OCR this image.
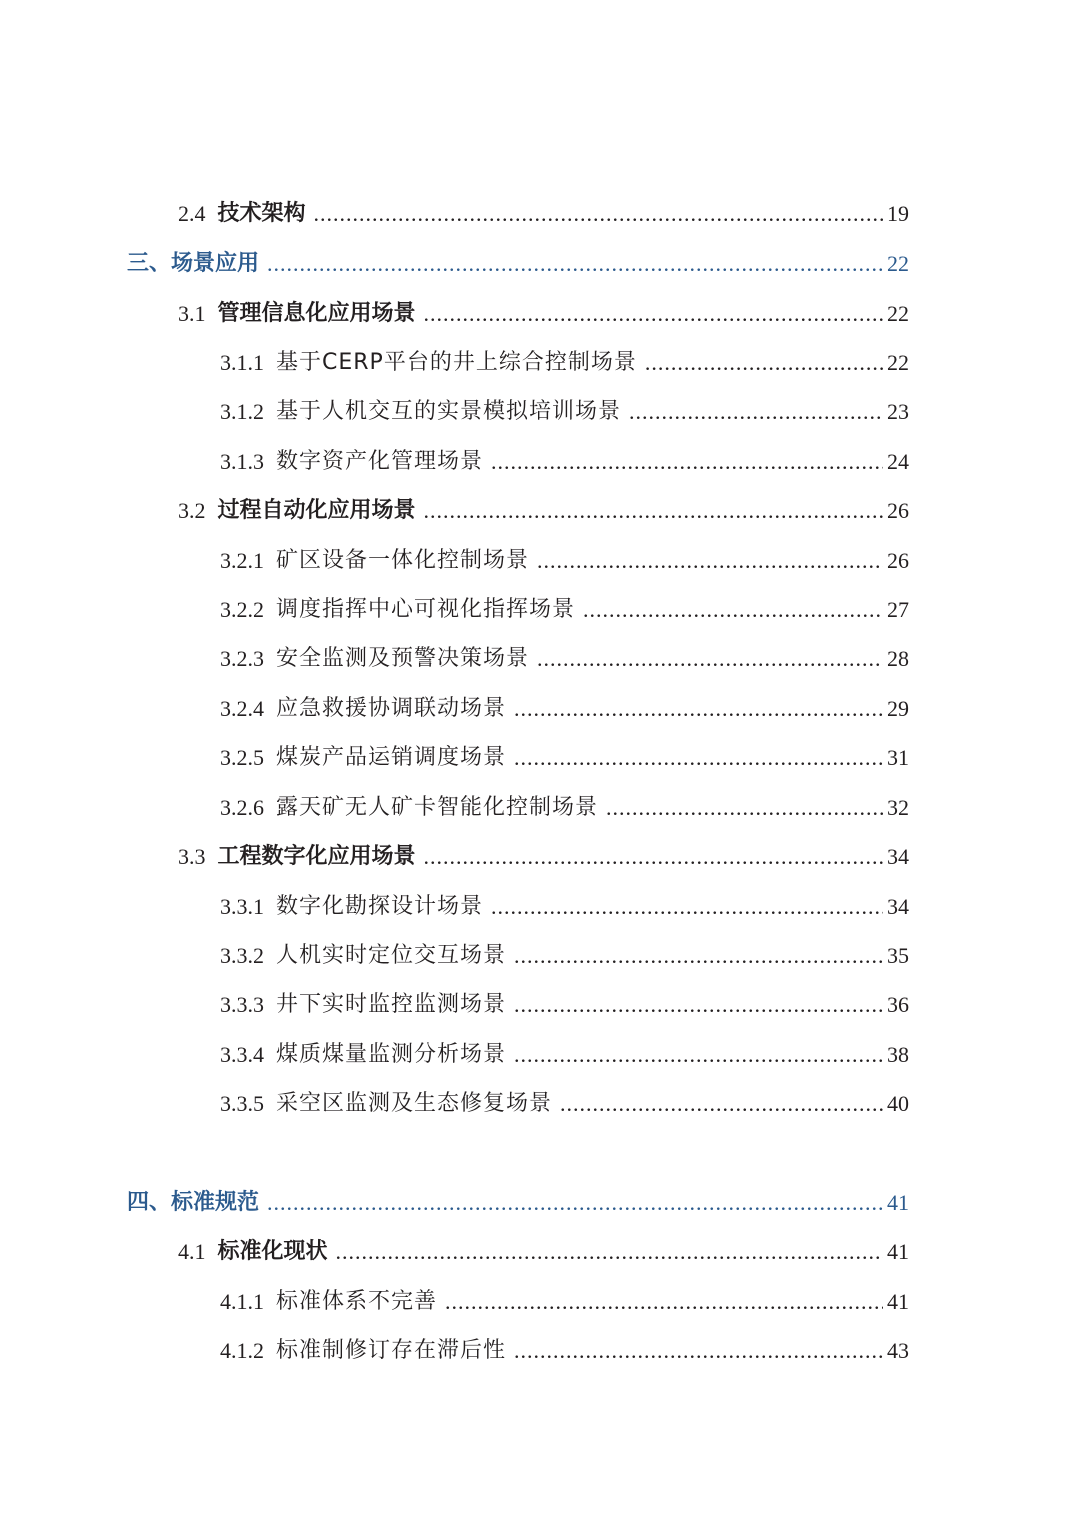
2.4 技术架构 .....	19
三、场景应用 .....	22
3.1 管理信息化应用场景 .....	22
3.1.1 基于CERP平台的井上综合控制场景 .....	22
3.1.2 基于人机交互的实景模拟培训场景 .....	23
3.1.3 数字资产化管理场景 .....	24
3.2 过程自动化应用场景 .....	26
3.2.1 矿区设备一体化控制场景 .....	26
3.2.2 调度指挥中心可视化指挥场景 .....	27
3.2.3 安全监测及预警决策场景 .....	28
3.2.4 应急救援协调联动场景 .....	29
3.2.5 煤炭产品运销调度场景 .....	31
3.2.6 露天矿无人矿卡智能化控制场景 .....	32
3.3 工程数字化应用场景 .....	34
3.3.1 数字化勘探设计场景 .....	34
3.3.2 人机实时定位交互场景 .....	35
3.3.3 井下实时监控监测场景 .....	36
3.3.4 煤质煤量监测分析场景 .....	38
3.3.5 采空区监测及生态修复场景 .....	40
四、标准规范 .....	41
4.1 标准化现状 .....	41
4.1.1 标准体系不完善 .....	41
4.1.2 标准制修订存在滞后性 .....	43
